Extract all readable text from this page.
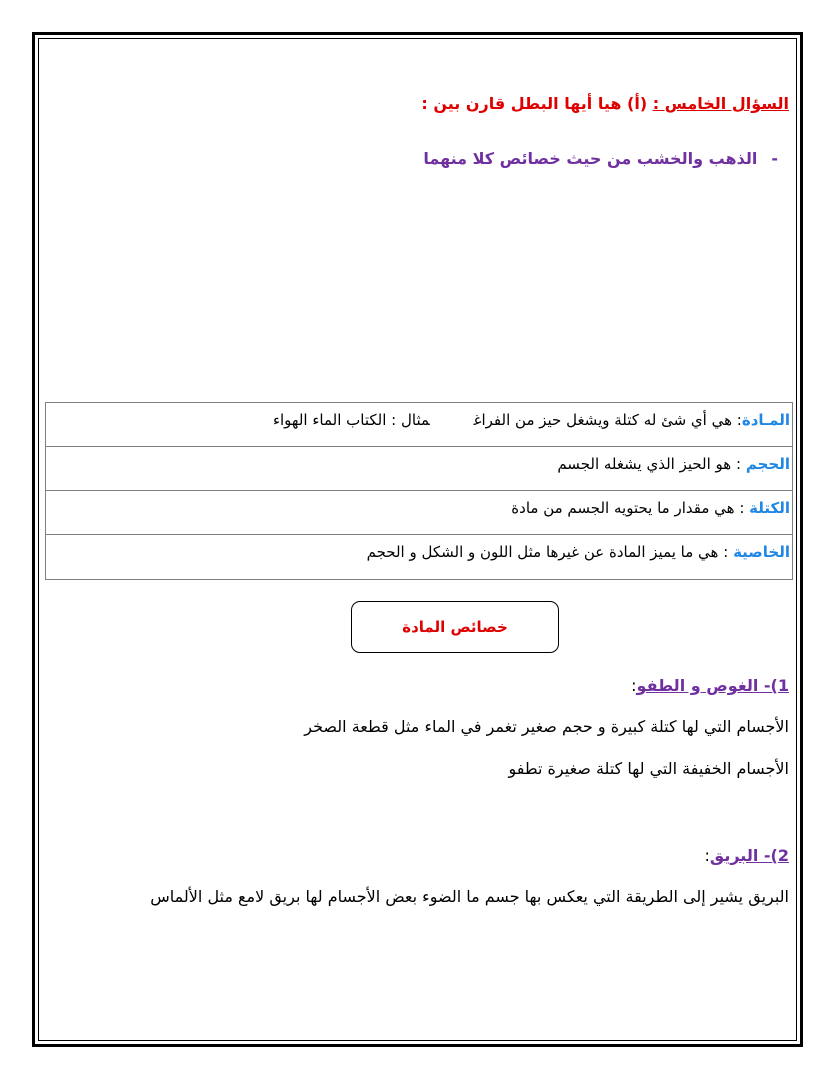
السؤال الخامس : (أ) هيا أيها البطل قارن بين :
-الذهب والخشب من حيث خصائص كلا منهما
المـادة: هي أي شئ له كتلة ويشغل حيز من الفراغمثال : الكتاب الماء الهواء
الحجم : هو الحيز الذي يشغله الجسم
الكتلة : هي مقدار ما يحتويه الجسم من مادة
الخاصية : هي ما يميز المادة عن غيرها مثل اللون و الشكل و الحجم
خصائص المادة
1)- الغوص و الطفو:
الأجسام التي لها كتلة كبيرة و حجم صغير تغمر في الماء مثل قطعة الصخر
الأجسام الخفيفة التي لها كتلة صغيرة تطفو
2)- البريق:
البريق يشير إلى الطريقة التي يعكس بها جسم ما الضوء بعض الأجسام لها بريق لامع مثل الألماس
